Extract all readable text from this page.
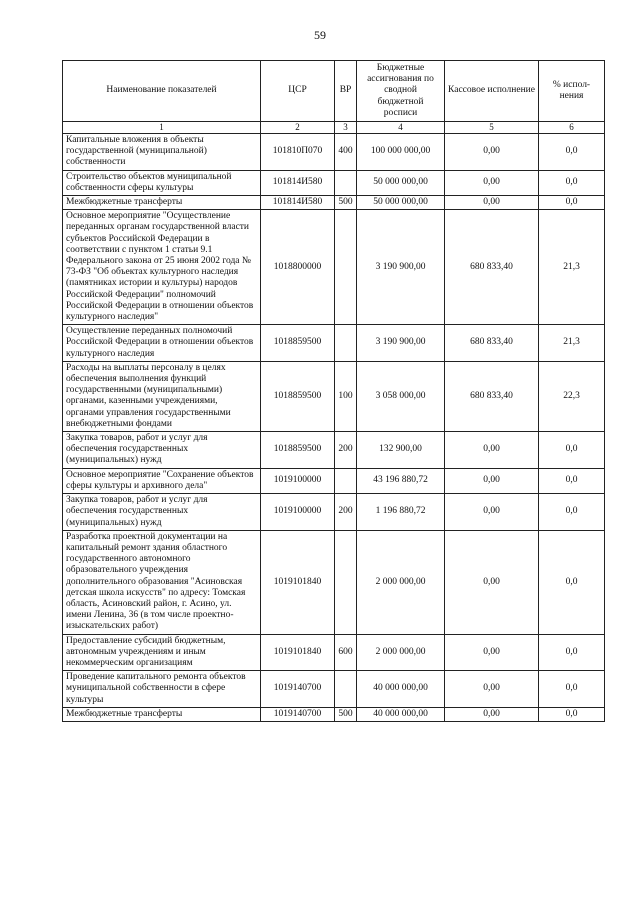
59
Наименование показателей	ЦСР	ВР	Бюджетные ассигнования по сводной бюджетной росписи	Кассовое исполнение	% испол-нения
1	2	3	4	5	6
Капитальные вложения в объекты государственной (муниципальной) собственности	101810П070	400	100 000 000,00	0,00	0,0
Строительство объектов муниципальной собственности сферы культуры	101814И580		50 000 000,00	0,00	0,0
Межбюджетные трансферты	101814И580	500	50 000 000,00	0,00	0,0
Основное мероприятие "Осуществление переданных органам государственной власти субъектов Российской Федерации в соответствии с пунктом 1 статьи 9.1 Федерального закона от 25 июня 2002 года № 73-ФЗ "Об объектах культурного наследия (памятниках истории и культуры) народов Российской Федерации" полномочий Российской Федерации в отношении объектов культурного наследия"	1018800000		3 190 900,00	680 833,40	21,3
Осуществление переданных полномочий Российской Федерации в отношении объектов культурного наследия	1018859500		3 190 900,00	680 833,40	21,3
Расходы на выплаты персоналу в целях обеспечения выполнения функций государственными (муниципальными) органами, казенными учреждениями, органами управления государственными внебюджетными фондами	1018859500	100	3 058 000,00	680 833,40	22,3
Закупка товаров, работ и услуг для обеспечения государственных (муниципальных) нужд	1018859500	200	132 900,00	0,00	0,0
Основное мероприятие "Сохранение объектов сферы культуры и архивного дела"	1019100000		43 196 880,72	0,00	0,0
Закупка товаров, работ и услуг для обеспечения государственных (муниципальных) нужд	1019100000	200	1 196 880,72	0,00	0,0
Разработка проектной документации на капитальный ремонт здания областного государственного автономного образовательного учреждения дополнительного образования "Асиновская детская школа искусств" по адресу: Томская область, Асиновский район, г. Асино, ул. имени Ленина, 36 (в том числе проектно-изыскательских работ)	1019101840		2 000 000,00	0,00	0,0
Предоставление субсидий бюджетным, автономным учреждениям и иным некоммерческим организациям	1019101840	600	2 000 000,00	0,00	0,0
Проведение капитального ремонта объектов муниципальной собственности в сфере культуры	1019140700		40 000 000,00	0,00	0,0
Межбюджетные трансферты	1019140700	500	40 000 000,00	0,00	0,0
